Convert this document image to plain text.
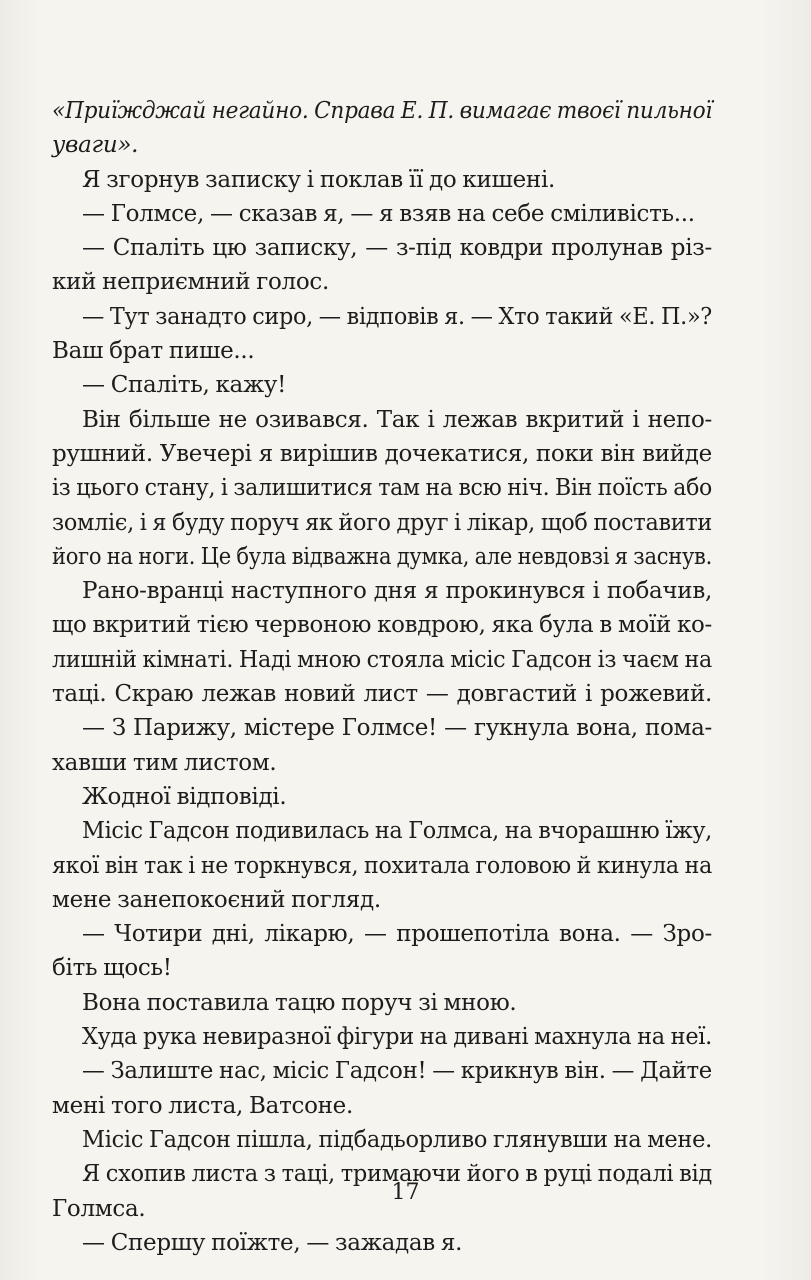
«Приїжджай негайно. Справа Е. П. вимагає твоєї пильної
уваги».
Я згорнув записку і поклав її до кишені.
— Голмсе, — сказав я, — я взяв на себе сміливість...
— Спаліть цю записку, — з-під ковдри пролунав різ-
кий неприємний голос.
— Тут занадто сиро, — відповів я. — Хто такий «Е. П.»?
Ваш брат пише...
— Спаліть, кажу!
Він більше не озивався. Так і лежав вкритий і непо-
рушний. Увечері я вирішив дочекатися, поки він вийде
із цього стану, і залишитися там на всю ніч. Він поїсть або
зомліє, і я буду поруч як його друг і лікар, щоб поставити
його на ноги. Це була відважна думка, але невдовзі я заснув.
Рано-вранці наступного дня я прокинувся і побачив,
що вкритий тією червоною ковдрою, яка була в моїй ко-
лишній кімнаті. Наді мною стояла місіс Гадсон із чаєм на
таці. Скраю лежав новий лист — довгастий і рожевий.
— З Парижу, містере Голмсе! — гукнула вона, пома-
хавши тим листом.
Жодної відповіді.
Місіс Гадсон подивилась на Голмса, на вчорашню їжу,
якої він так і не торкнувся, похитала головою й кинула на
мене занепокоєний погляд.
— Чотири дні, лікарю, — прошепотіла вона. — Зро-
біть щось!
Вона поставила тацю поруч зі мною.
Худа рука невиразної фігури на дивані махнула на неї.
— Залиште нас, місіс Гадсон! — крикнув він. — Дайте
мені того листа, Ватсоне.
Місіс Гадсон пішла, підбадьорливо глянувши на мене.
Я схопив листа з таці, тримаючи його в руці подалі від
Голмса.
— Спершу поїжте, — зажадав я.
17
